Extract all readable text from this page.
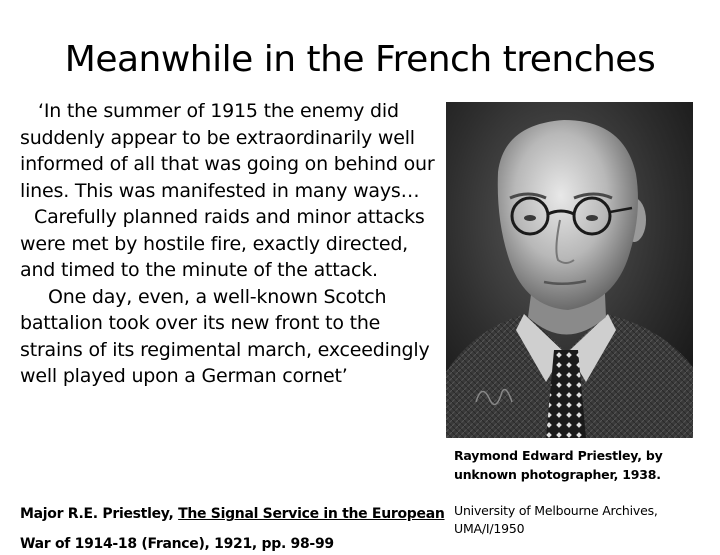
Meanwhile in the French trenches

‘In the summer of 1915 the enemy did suddenly appear to be extraordinarily well informed of all that was going on behind our lines. This was manifested in many ways…

Carefully planned raids and minor attacks were met by hostile fire, exactly directed, and timed to the minute of the attack.

One day, even, a well-known Scotch battalion took over its new front to the strains of its regimental march, exceedingly well played upon a German cornet’

Major R.E. Priestley, The Signal Service in the European
War of 1914-18 (France), 1921, pp. 98-99
Raymond Edward Priestley, by unknown photographer, 1938.
University of Melbourne Archives, UMA/I/1950
